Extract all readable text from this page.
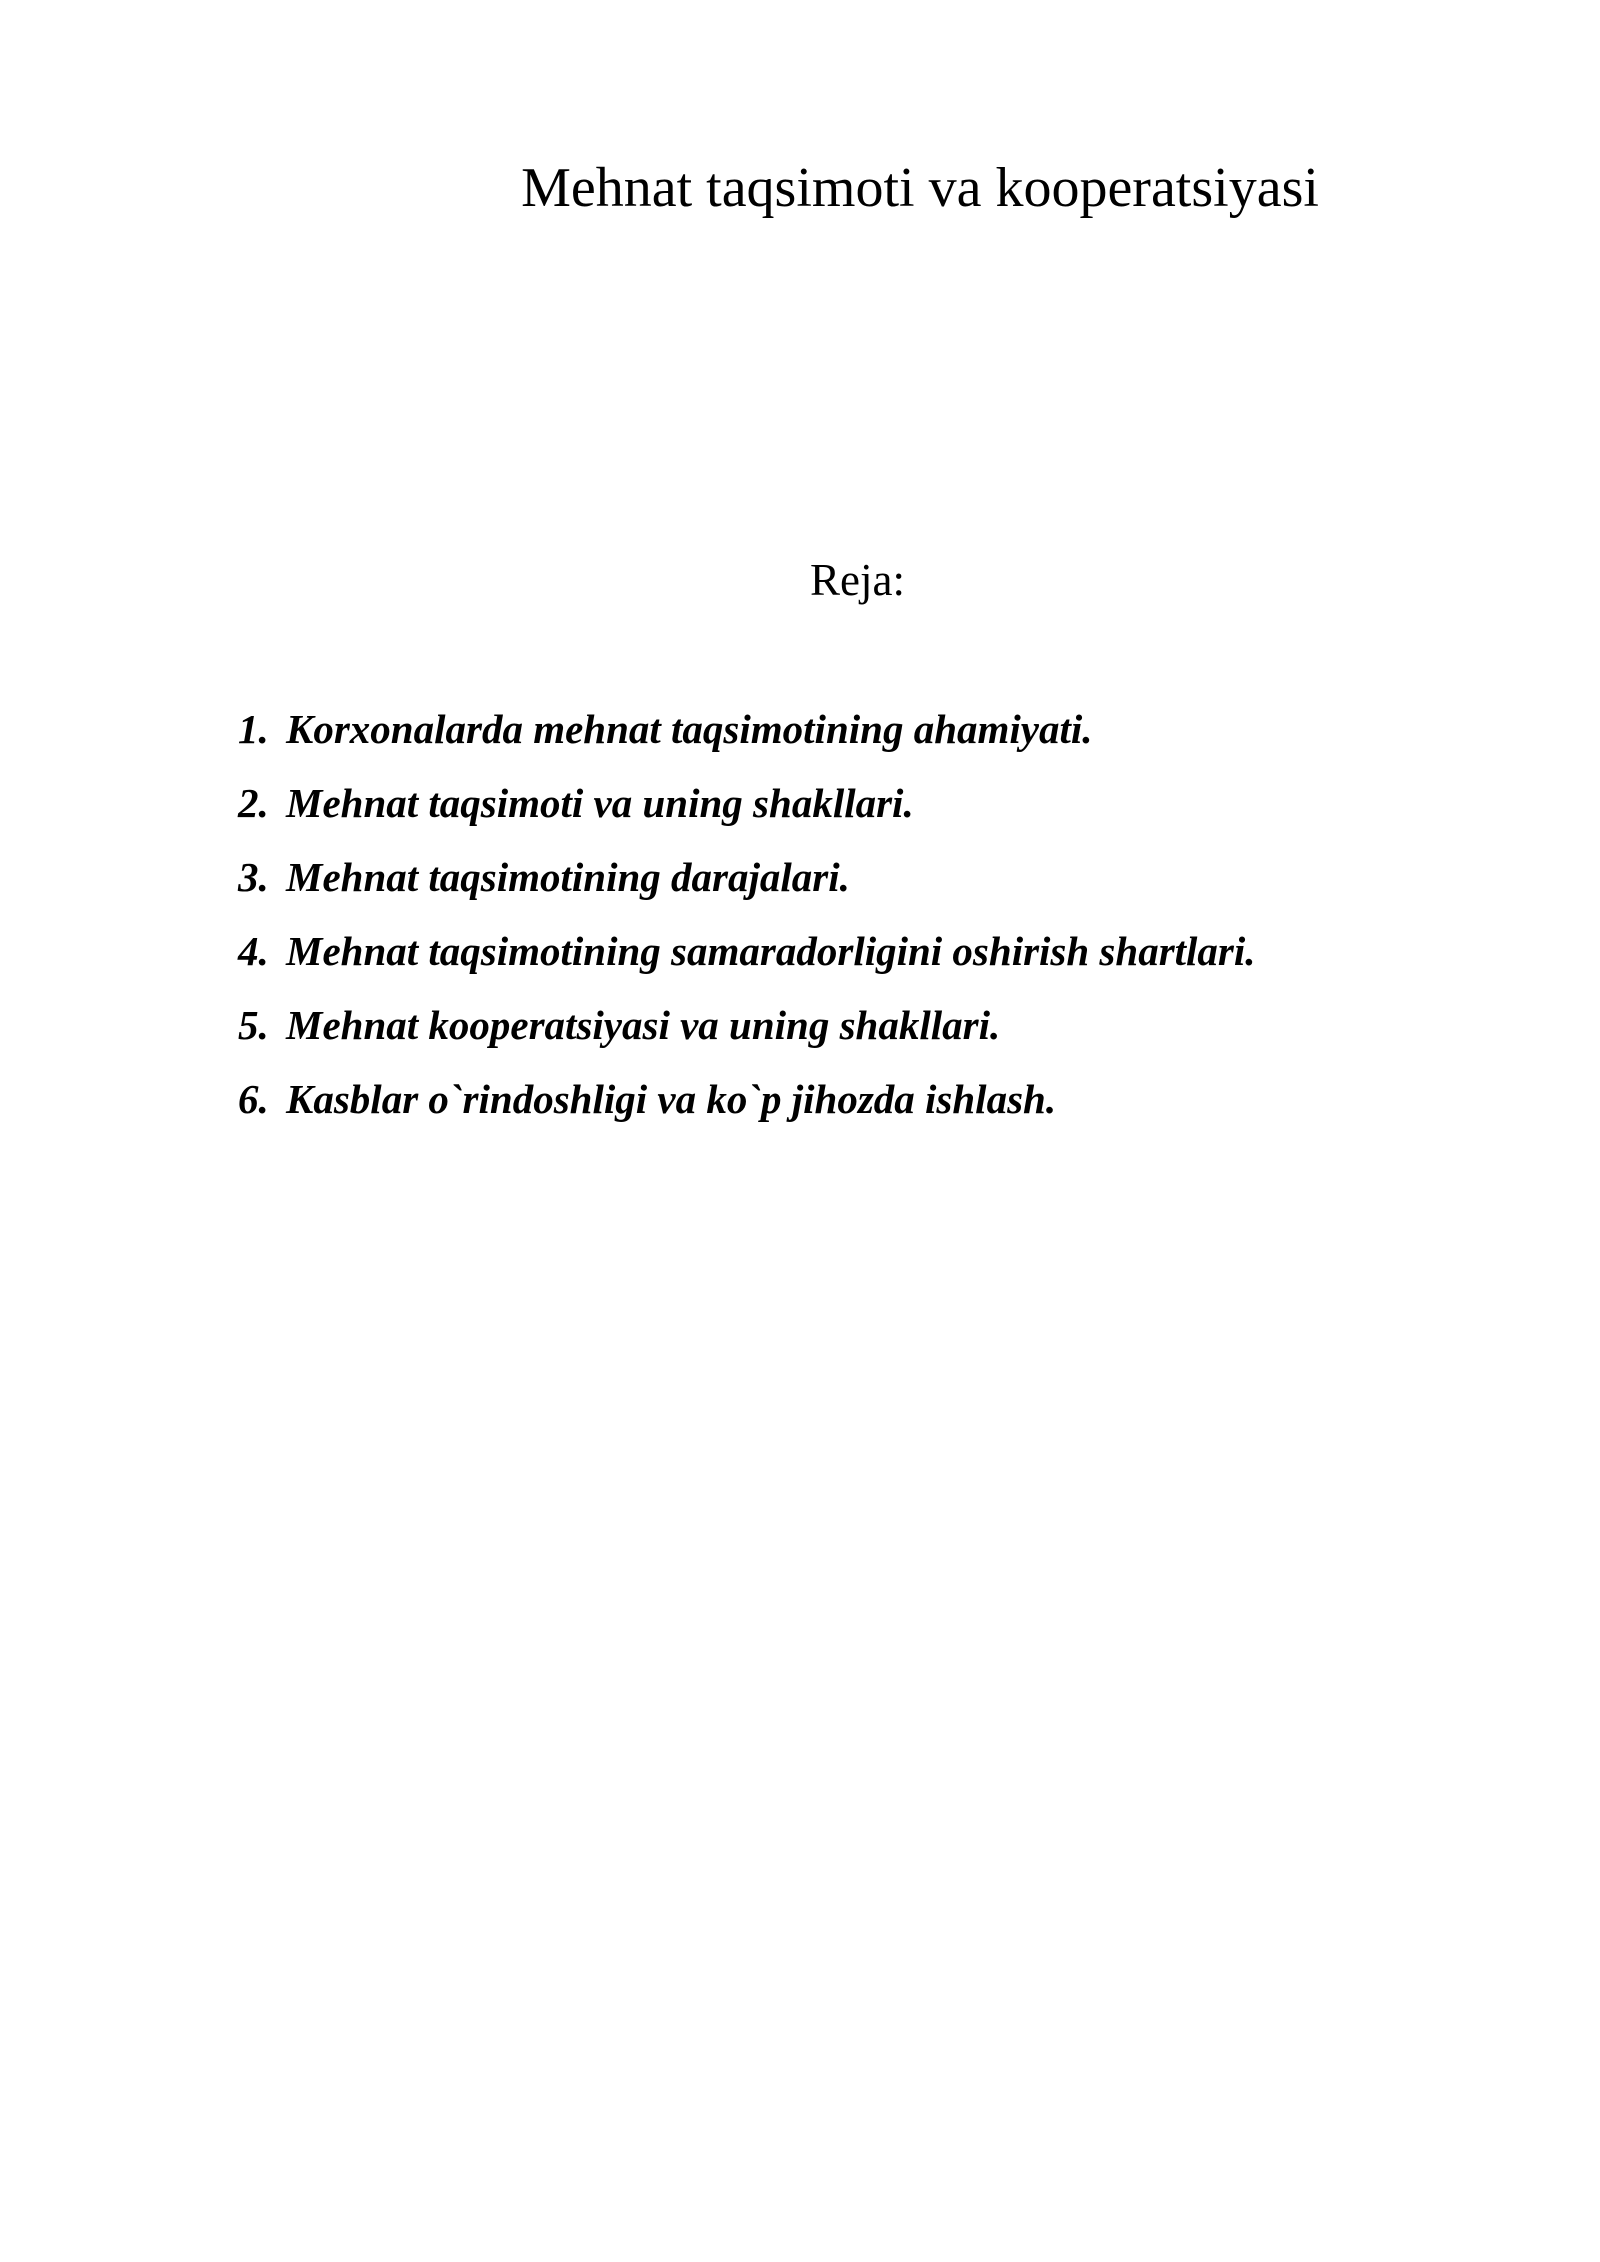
Mehnat taqsimoti va kooperatsiyasi

Reja:

1. Korxonalarda mehnat taqsimotining ahamiyati.
2. Mehnat taqsimoti va uning shakllari.
3. Mehnat taqsimotining darajalari.
4. Mehnat taqsimotining samaradorligini oshirish shartlari.
5. Mehnat kooperatsiyasi va uning shakllari.
6. Kasblar o`rindoshligi va ko`p jihozda ishlash.
